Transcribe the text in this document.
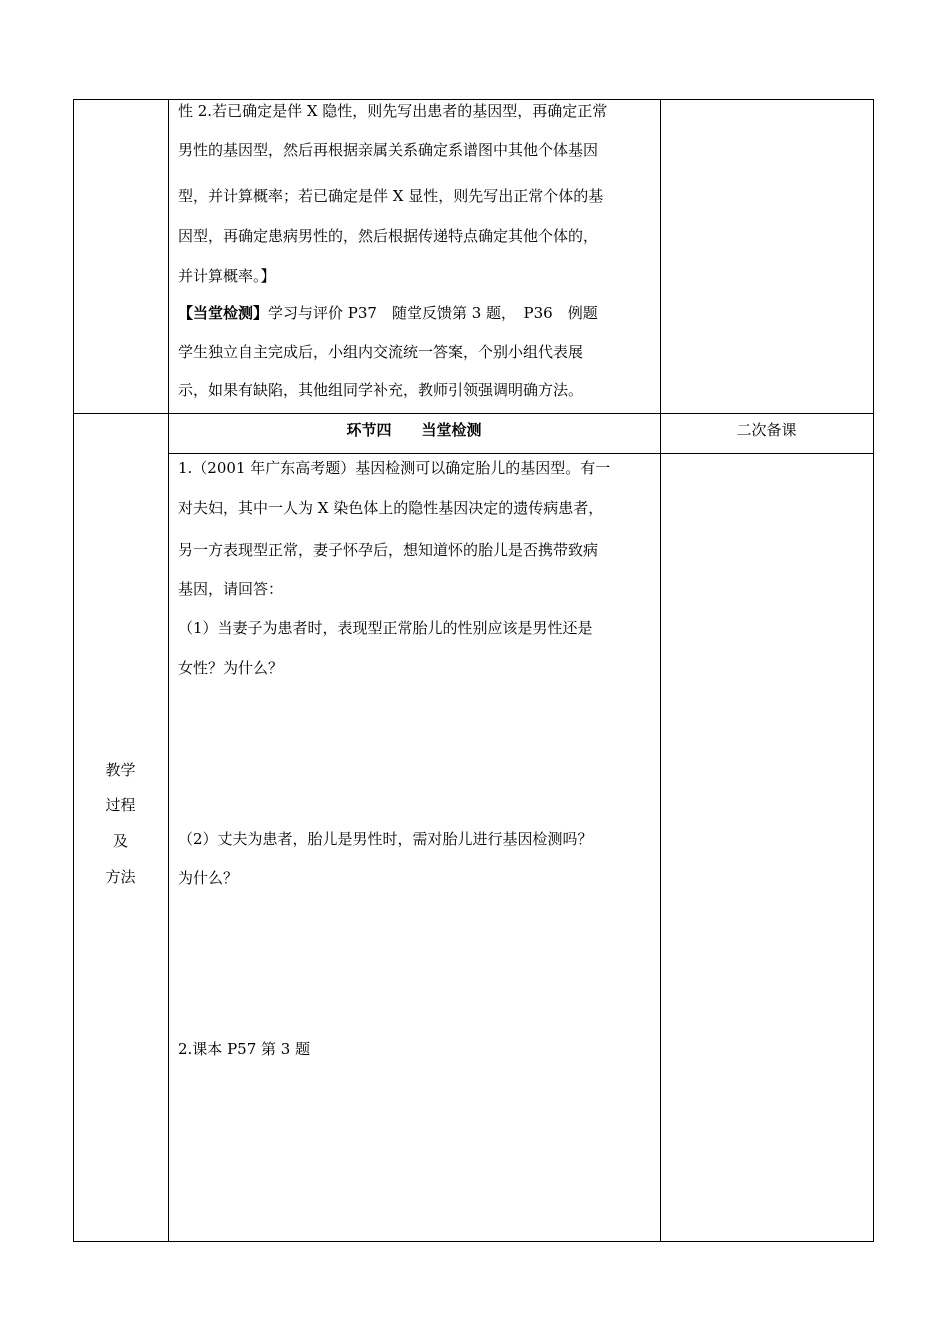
性 2.若已确定是伴 X 隐性，则先写出患者的基因型，再确定正常
男性的基因型，然后再根据亲属关系确定系谱图中其他个体基因
型，并计算概率；若已确定是伴 X 显性，则先写出正常个体的基
因型，再确定患病男性的，然后根据传递特点确定其他个体的，
并计算概率。】
【当堂检测】学习与评价 P37　随堂反馈第 3 题，　P36　例题
学生独立自主完成后，小组内交流统一答案，个别小组代表展
示，如果有缺陷，其他组同学补充，教师引领强调明确方法。
环节四　　当堂检测	二次备课
教学
过程
及
方法
1.（2001 年广东高考题）基因检测可以确定胎儿的基因型。有一
对夫妇，其中一人为 X 染色体上的隐性基因决定的遗传病患者，
另一方表现型正常，妻子怀孕后，想知道怀的胎儿是否携带致病
基因，请回答：
（1）当妻子为患者时，表现型正常胎儿的性别应该是男性还是
女性？为什么？
（2）丈夫为患者，胎儿是男性时，需对胎儿进行基因检测吗？
为什么？
2.课本 P57 第 3 题
